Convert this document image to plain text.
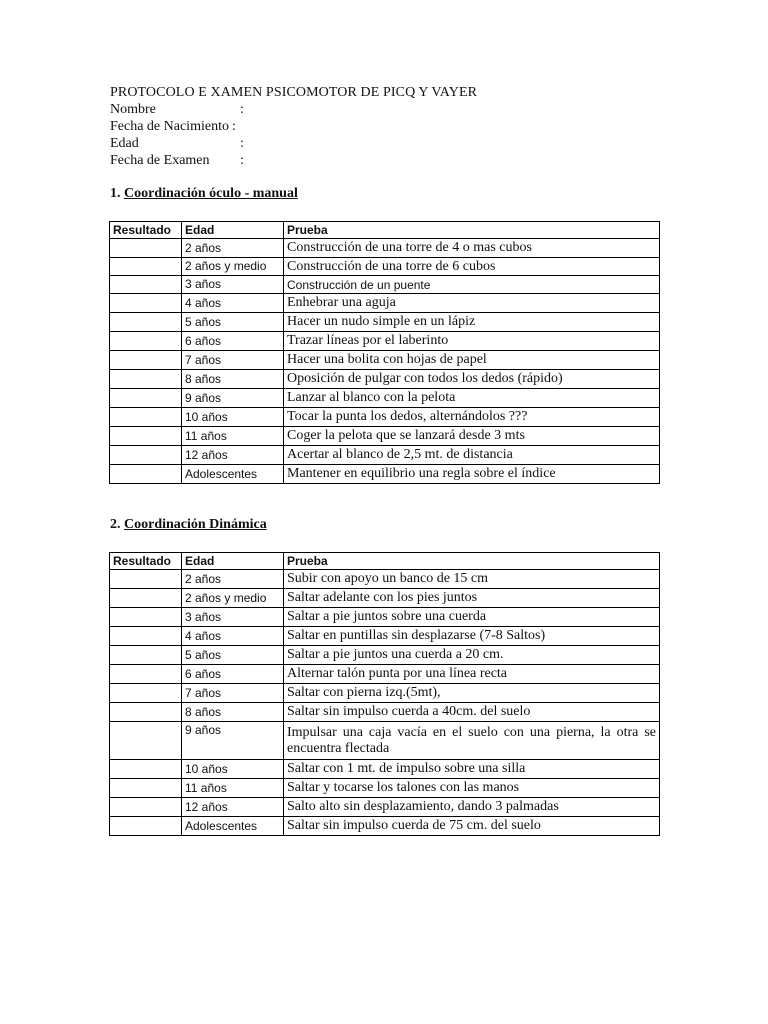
PROTOCOLO E XAMEN PSICOMOTOR DE PICQ Y VAYER
Nombre	:
Fecha de Nacimiento :
Edad	:
Fecha de Examen	:
1. Coordinación óculo - manual
Resultado	Edad	Prueba
	2 años	Construcción de una torre de 4 o mas cubos
	2 años y medio	Construcción de una torre de 6 cubos
	3 años	Construcción de un puente
	4 años	Enhebrar una aguja
	5 años	Hacer un nudo simple en un lápiz
	6 años	Trazar líneas por el laberinto
	7 años	Hacer una bolita con hojas de papel
	8 años	Oposición de pulgar con todos los dedos (rápido)
	9 años	Lanzar al blanco con la pelota
	10 años	Tocar la punta los dedos, alternándolos ???
	11 años	Coger la pelota que se lanzará desde 3 mts
	12 años	Acertar al blanco de 2,5 mt. de distancia
	Adolescentes	Mantener en equilibrio una regla sobre el índice
2. Coordinación Dinámica
Resultado	Edad	Prueba
	2 años	Subir con apoyo un banco de 15 cm
	2 años y medio	Saltar adelante con los pies juntos
	3 años	Saltar a pie juntos sobre una cuerda
	4 años	Saltar en puntillas sin desplazarse (7-8 Saltos)
	5 años	Saltar a pie juntos una cuerda a 20 cm.
	6 años	Alternar talón punta por una línea recta
	7 años	Saltar con pierna izq.(5mt),
	8 años	Saltar sin impulso cuerda a 40cm. del suelo
	9 años	Impulsar una caja vacía en el suelo con una pierna, la otra se encuentra flectada
	10 años	Saltar con 1 mt. de impulso sobre una silla
	11 años	Saltar y tocarse los talones con las manos
	12 años	Salto alto sin desplazamiento, dando 3 palmadas
	Adolescentes	Saltar sin impulso cuerda de 75 cm. del suelo
